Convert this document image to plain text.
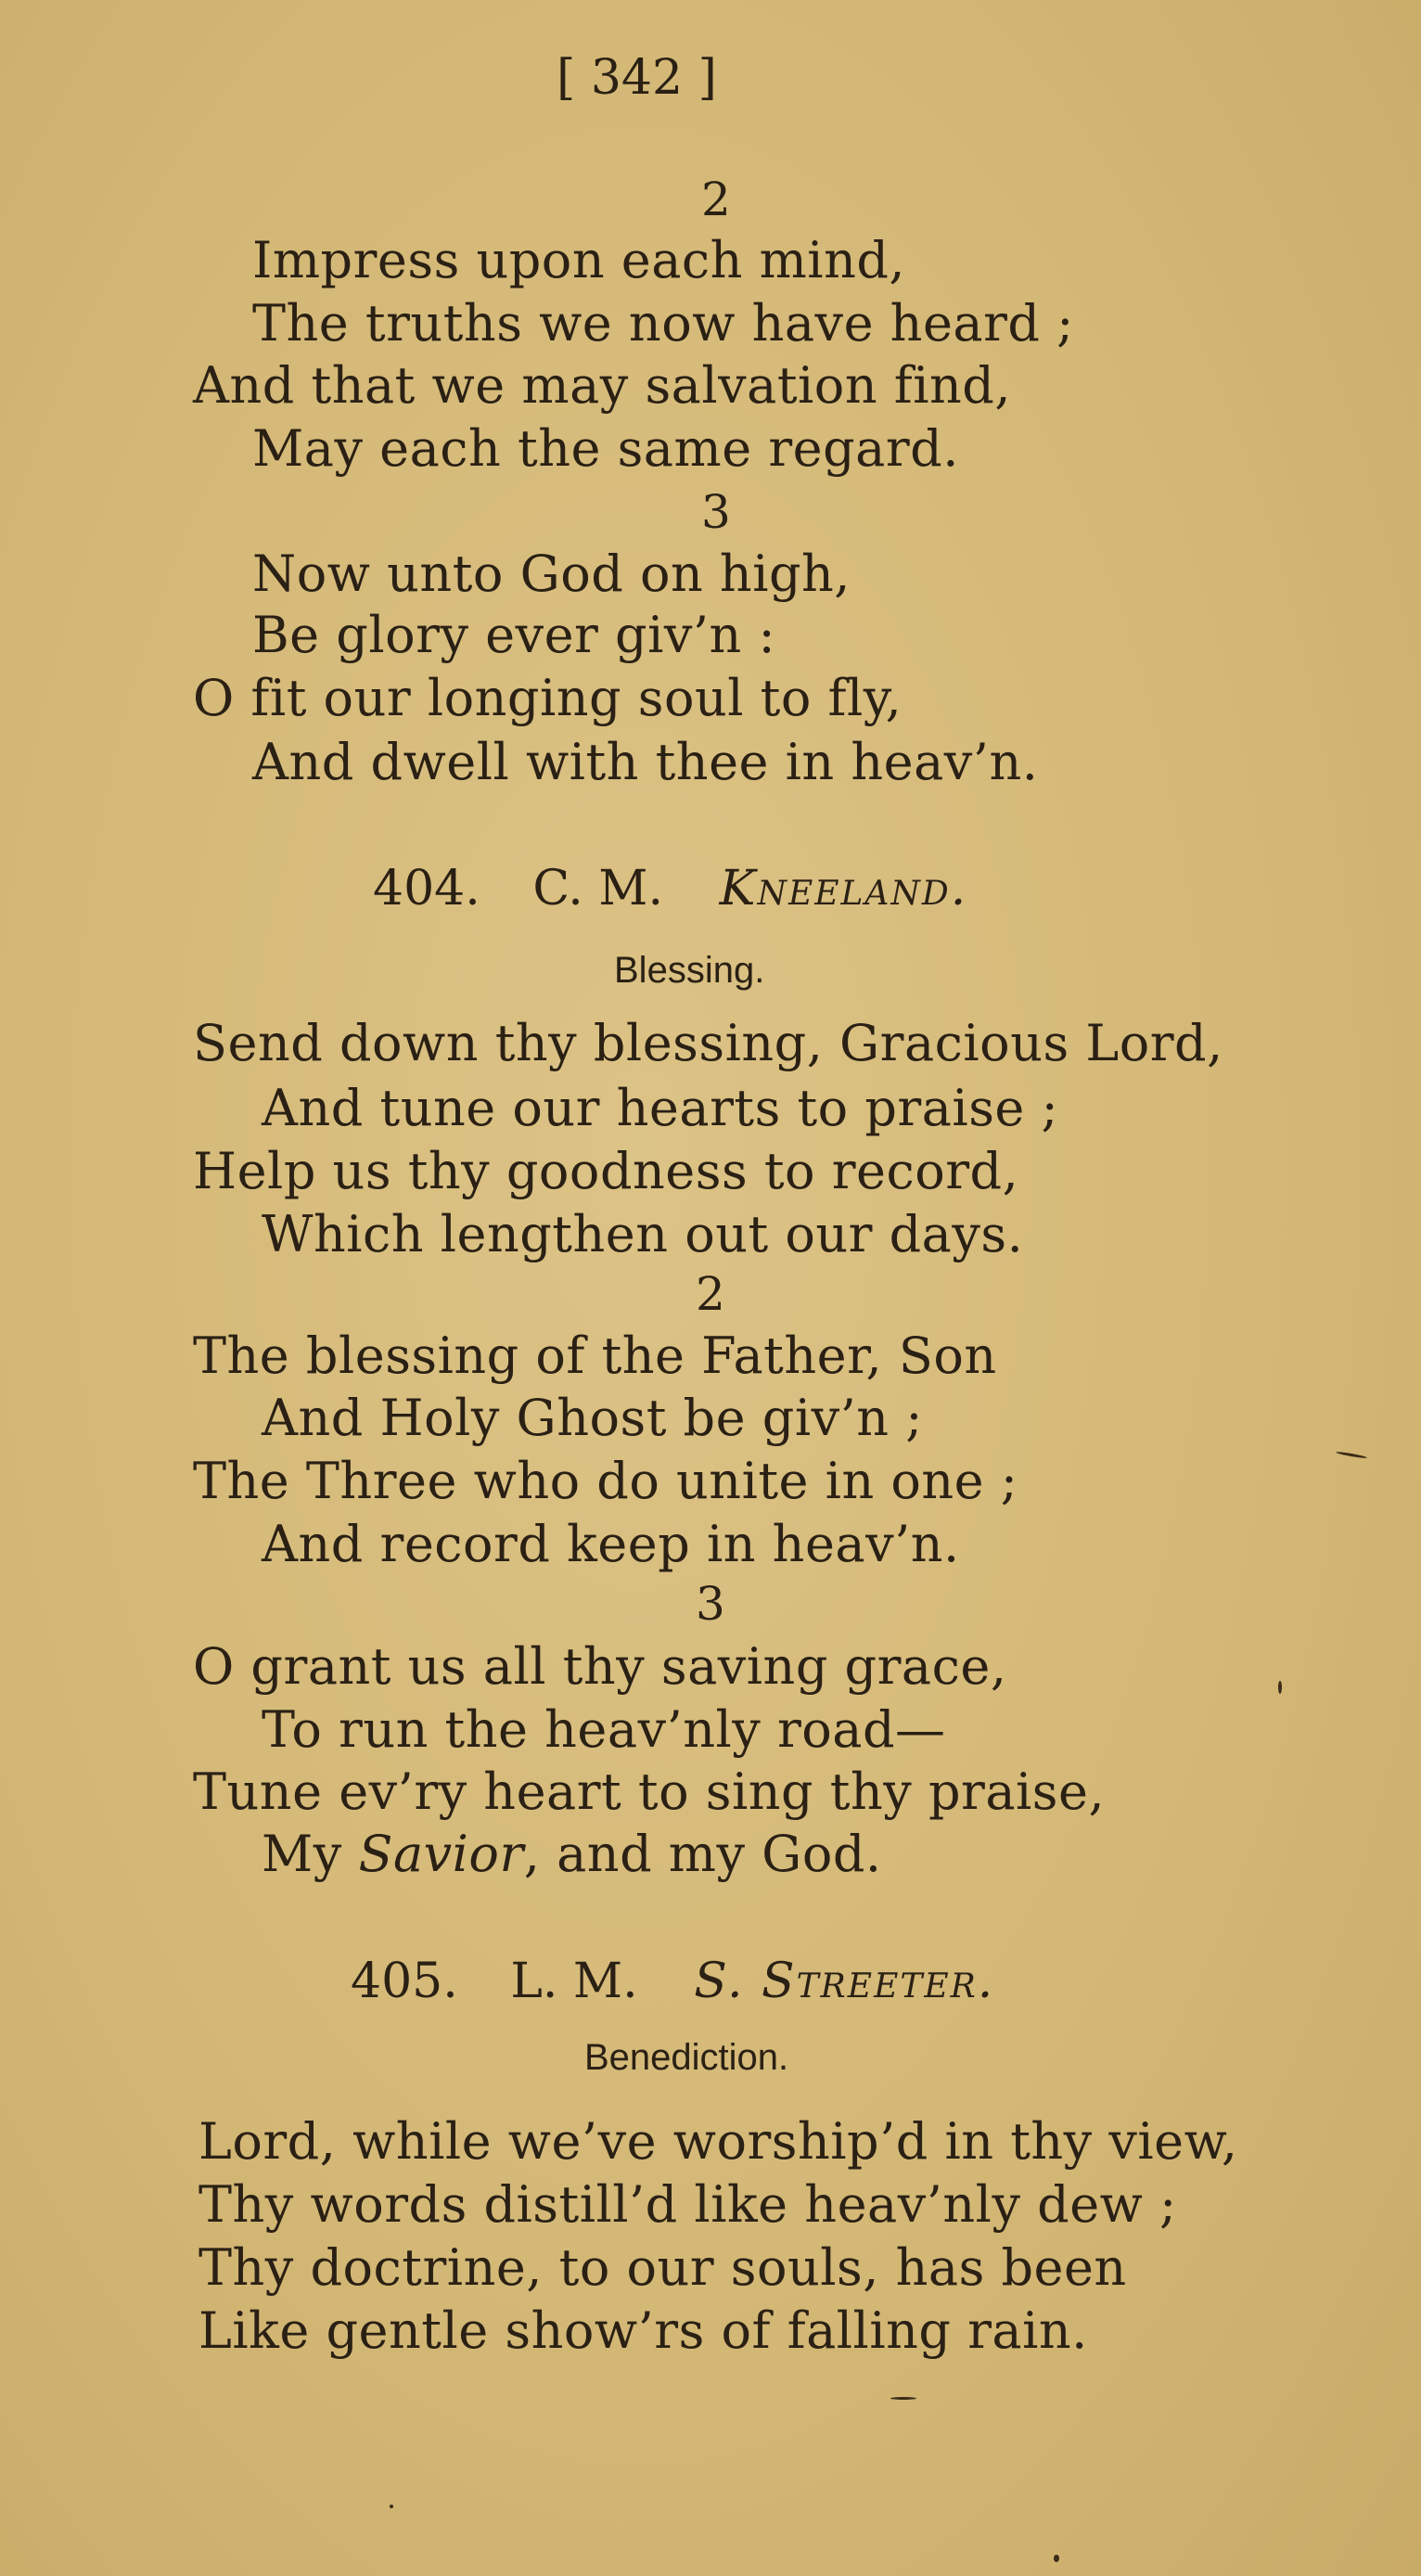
[ 342 ]
2
Impress upon each mind,
The truths we now have heard ;
And that we may salvation find,
May each the same regard.
3
Now unto God on high,
Be glory ever giv’n :
O fit our longing soul to fly,
And dwell with thee in heav’n.
404. C. M. Kneeland.
Blessing.
Send down thy blessing, Gracious Lord,
And tune our hearts to praise ;
Help us thy goodness to record,
Which lengthen out our days.
2
The blessing of the Father, Son
And Holy Ghost be giv’n ;
The Three who do unite in one ;
And record keep in heav’n.
3
O grant us all thy saving grace,
To run the heav’nly road—
Tune ev’ry heart to sing thy praise,
My Savior, and my God.
405. L. M. S. Streeter.
Benediction.
Lord, while we’ve worship’d in thy view,
Thy words distill’d like heav’nly dew ;
Thy doctrine, to our souls, has been
Like gentle show’rs of falling rain.
